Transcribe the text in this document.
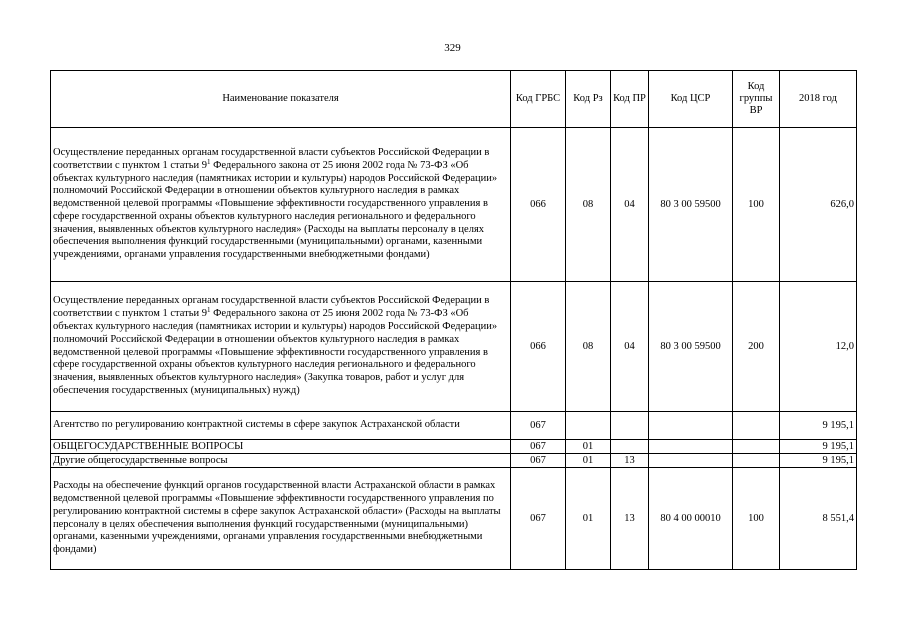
329
Наименование показателя	Код ГРБС	Код Рз	Код ПР	Код ЦСР	Код группы ВР	2018 год
Осуществление переданных органам государственной власти субъектов Российской Федерации в соответствии с пунктом 1 статьи $9^1$ Федерального закона от 25 июня 2002 года № 73-ФЗ «Об объектах культурного наследия (памятниках истории и культуры) народов Российской Федерации» полномочий Российской Федерации в отношении объектов культурного наследия в рамках ведомственной целевой программы «Повышение эффективности государственного управления в сфере государственной охраны объектов культурного наследия регионального и федерального значения, выявленных объектов культурного наследия» (Расходы на выплаты персоналу в целях обеспечения выполнения функций государственными (муниципальными) органами, казенными учреждениями, органами управления государственными внебюджетными фондами)	066	08	04	80 3 00 59500	100	626,0
Осуществление переданных органам государственной власти субъектов Российской Федерации в соответствии с пунктом 1 статьи $9^1$ Федерального закона от 25 июня 2002 года № 73-ФЗ «Об объектах культурного наследия (памятниках истории и культуры) народов Российской Федерации» полномочий Российской Федерации в отношении объектов культурного наследия в рамках ведомственной целевой программы «Повышение эффективности государственного управления в сфере государственной охраны объектов культурного наследия регионального и федерального значения, выявленных объектов культурного наследия» (Закупка товаров, работ и услуг для обеспечения государственных (муниципальных) нужд)	066	08	04	80 3 00 59500	200	12,0
Агентство по регулированию контрактной системы в сфере закупок Астраханской области	067					9 195,1
ОБЩЕГОСУДАРСТВЕННЫЕ ВОПРОСЫ	067	01				9 195,1
Другие общегосударственные вопросы	067	01	13			9 195,1
Расходы на обеспечение функций органов государственной власти Астраханской области в рамках ведомственной целевой программы «Повышение эффективности государственного управления по регулированию контрактной системы в сфере закупок Астраханской области» (Расходы на выплаты персоналу в целях обеспечения выполнения функций государственными (муниципальными) органами, казенными учреждениями, органами управления государственными внебюджетными фондами)	067	01	13	80 4 00 00010	100	8 551,4
